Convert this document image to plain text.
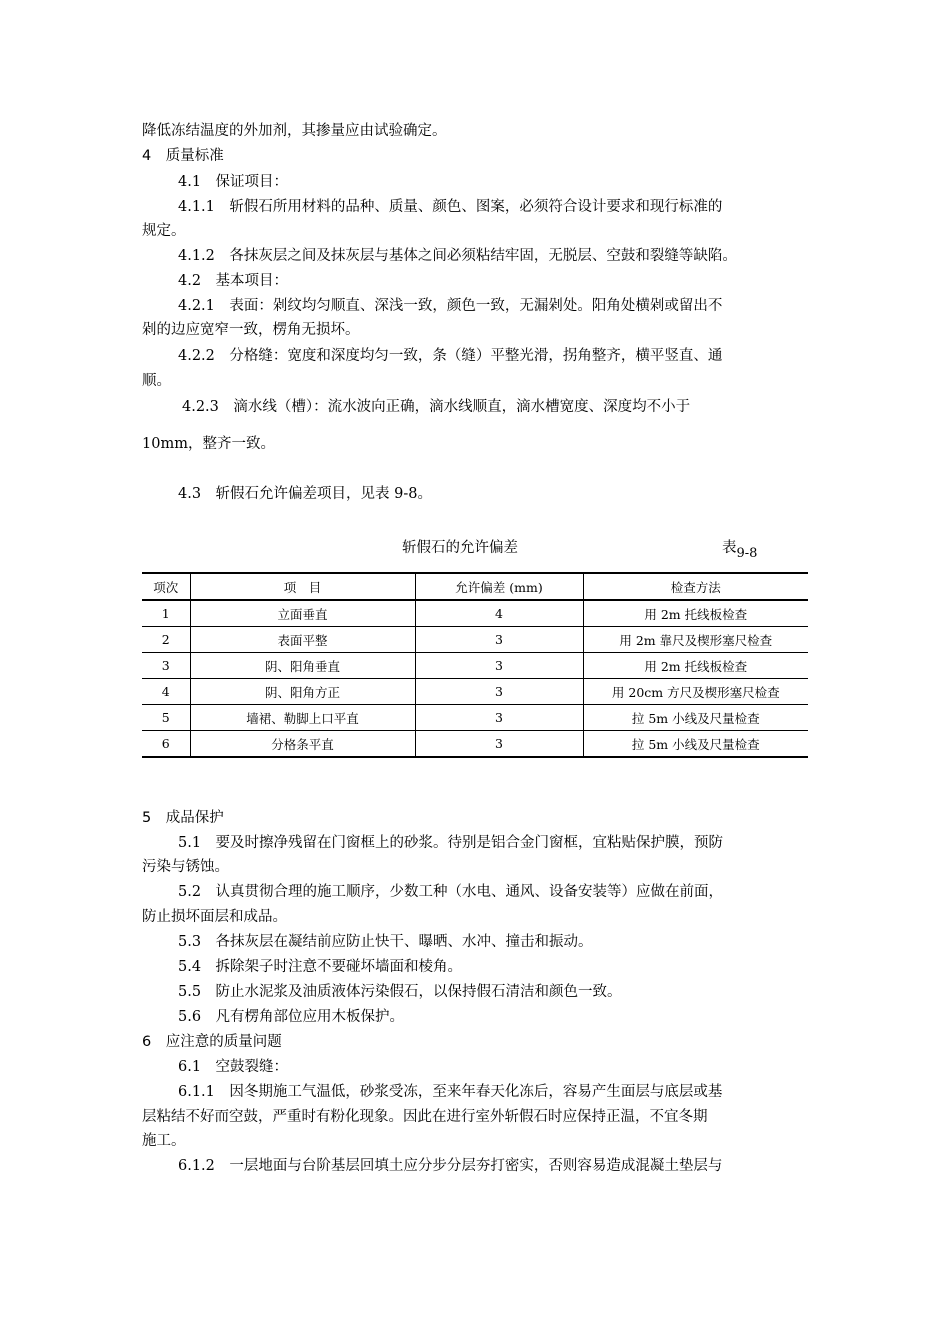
降低冻结温度的外加剂，其掺量应由试验确定。
4　质量标准
4.1　保证项目：
4.1.1　斩假石所用材料的品种、质量、颜色、图案，必须符合设计要求和现行标准的
规定。
4.1.2　各抹灰层之间及抹灰层与基体之间必须粘结牢固，无脱层、空鼓和裂缝等缺陷。
4.2　基本项目：
4.2.1　表面：剁纹均匀顺直、深浅一致，颜色一致，无漏剁处。阳角处横剁或留出不
剁的边应宽窄一致，楞角无损坏。
4.2.2　分格缝：宽度和深度均匀一致，条（缝）平整光滑，拐角整齐，横平竖直、通
顺。
4.2.3　滴水线（槽）：流水波向正确，滴水线顺直，滴水槽宽度、深度均不小于
10mm，整齐一致。
4.3　斩假石允许偏差项目，见表 9-8。
斩假石的允许偏差	表$_{9-8}$
项次	项　目	允许偏差 (mm)	检查方法
1	立面垂直	4	用 2m 托线板检查
2	表面平整	3	用 2m 靠尺及楔形塞尺检查
3	阴、阳角垂直	3	用 2m 托线板检查
4	阴、阳角方正	3	用 20cm 方尺及楔形塞尺检查
5	墙裙、勒脚上口平直	3	拉 5m 小线及尺量检查
6	分格条平直	3	拉 5m 小线及尺量检查
5　成品保护
5.1　要及时擦净残留在门窗框上的砂浆。待别是铝合金门窗框，宜粘贴保护膜，预防
污染与锈蚀。
5.2　认真贯彻合理的施工顺序，少数工种（水电、通风、设备安装等）应做在前面，
防止损坏面层和成品。
5.3　各抹灰层在凝结前应防止快干、曝晒、水冲、撞击和振动。
5.4　拆除架子时注意不要碰坏墙面和棱角。
5.5　防止水泥浆及油质液体污染假石，以保持假石清洁和颜色一致。
5.6　凡有楞角部位应用木板保护。
6　应注意的质量问题
6.1　空鼓裂缝：
6.1.1　因冬期施工气温低，砂浆受冻，至来年春天化冻后，容易产生面层与底层或基
层粘结不好而空鼓，严重时有粉化现象。因此在进行室外斩假石时应保持正温，不宜冬期
施工。
6.1.2　一层地面与台阶基层回填土应分步分层夯打密实，否则容易造成混凝土垫层与
